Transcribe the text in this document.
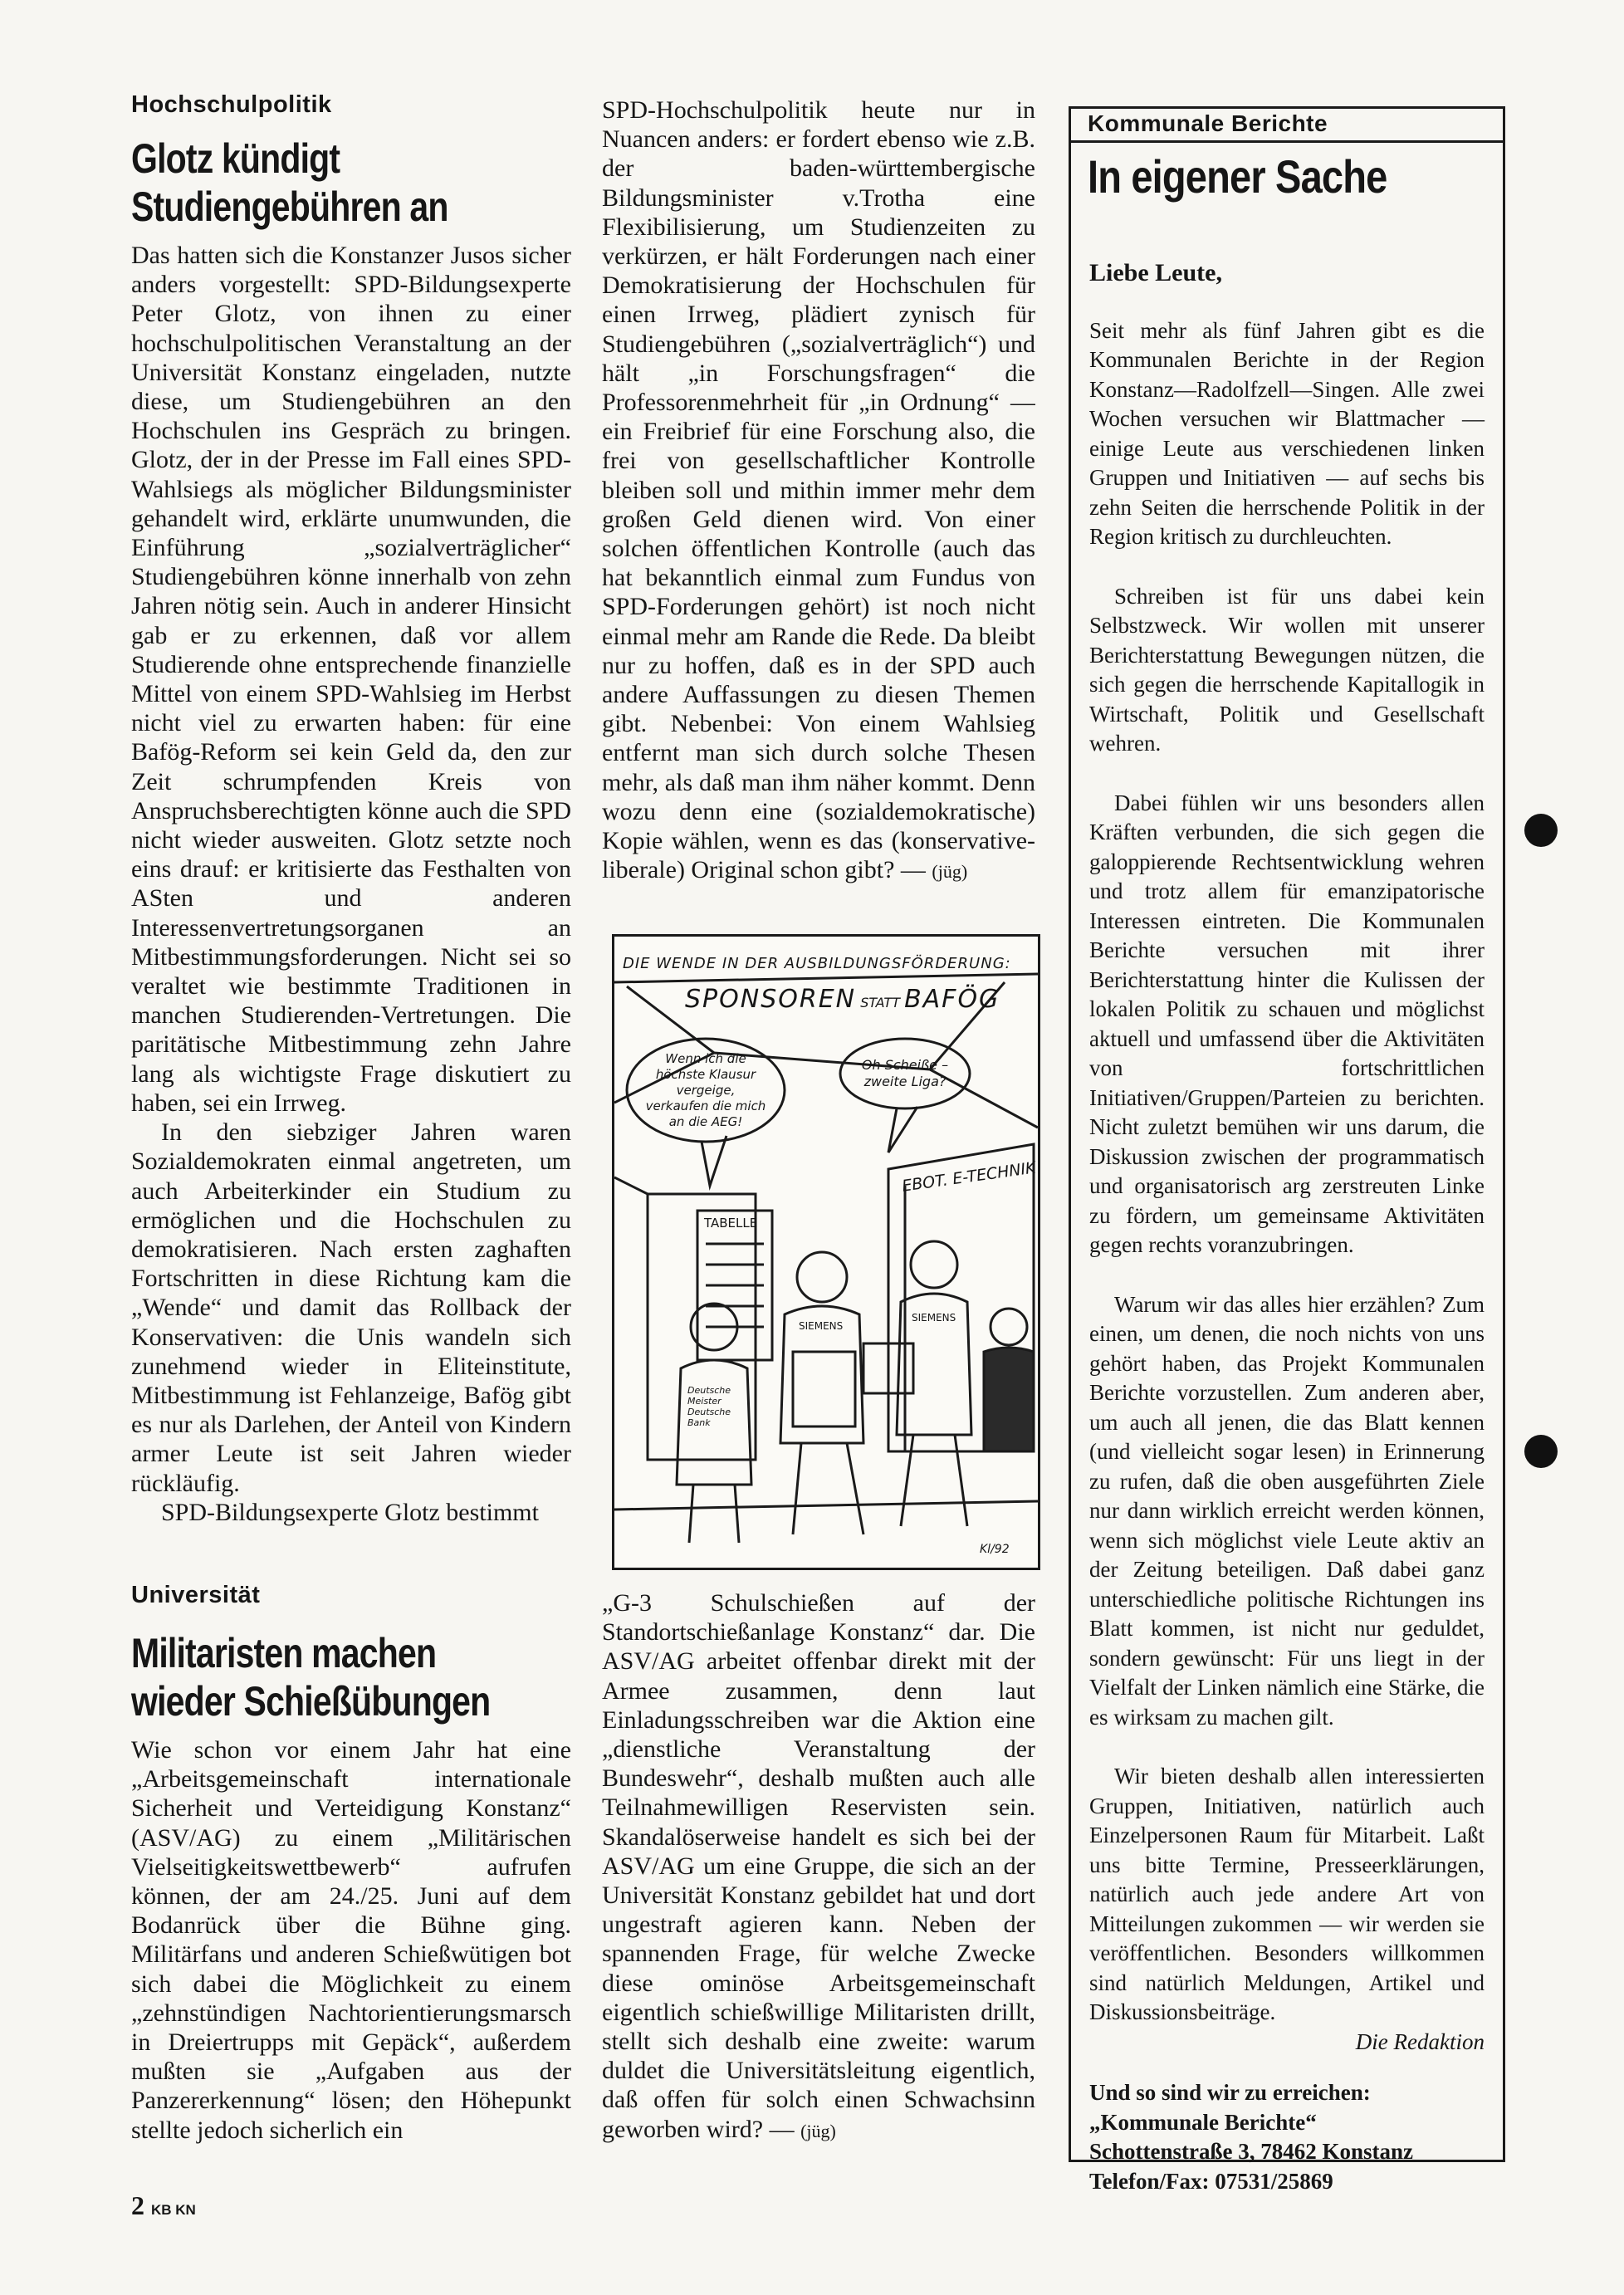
Hochschulpolitik
Glotz kündigt
Studiengebühren an

Das hatten sich die Konstanzer Jusos sicher anders vorgestellt: SPD-Bildungsexperte Peter Glotz, von ihnen zu einer hochschulpolitischen Veranstaltung an der Universität Konstanz eingeladen, nutzte diese, um Studiengebühren an den Hochschulen ins Gespräch zu bringen. Glotz, der in der Presse im Fall eines SPD-Wahlsiegs als möglicher Bildungsminister gehandelt wird, erklärte unumwunden, die Einführung „sozialverträglicher“ Studiengebühren könne innerhalb von zehn Jahren nötig sein. Auch in anderer Hinsicht gab er zu erkennen, daß vor allem Studierende ohne entsprechende finanzielle Mittel von einem SPD-Wahlsieg im Herbst nicht viel zu erwarten haben: für eine Bafög-Reform sei kein Geld da, den zur Zeit schrumpfenden Kreis von Anspruchsberechtigten könne auch die SPD nicht wieder ausweiten. Glotz setzte noch eins drauf: er kritisierte das Festhalten von ASten und anderen Interessenvertretungsorganen an Mitbestimmungsforderungen. Nicht sei so veraltet wie bestimmte Traditionen in manchen Studierenden-Vertretungen. Die paritätische Mitbestimmung zehn Jahre lang als wichtigste Frage diskutiert zu haben, sei ein Irrweg.

In den siebziger Jahren waren Sozialdemokraten einmal angetreten, um auch Arbeiterkinder ein Studium zu ermöglichen und die Hochschulen zu demokratisieren. Nach ersten zaghaften Fortschritten in diese Richtung kam die „Wende“ und damit das Rollback der Konservativen: die Unis wandeln sich zunehmend wieder in Eliteinstitute, Mitbestimmung ist Fehlanzeige, Bafög gibt es nur als Darlehen, der Anteil von Kindern armer Leute ist seit Jahren wieder rückläufig.

SPD-Bildungsexperte Glotz bestimmt

SPD-Hochschulpolitik heute nur in Nuancen anders: er fordert ebenso wie z.B. der baden-württembergische Bildungsminister v.Trotha eine Flexibilisierung, um Studienzeiten zu verkürzen, er hält Forderungen nach einer Demokratisierung der Hochschulen für einen Irrweg, plädiert zynisch für Studiengebühren („sozialverträglich“) und hält „in Forschungsfragen“ die Professorenmehrheit für „in Ordnung“ — ein Freibrief für eine Forschung also, die frei von gesellschaftlicher Kontrolle bleiben soll und mithin immer mehr dem großen Geld dienen wird. Von einer solchen öffentlichen Kontrolle (auch das hat bekanntlich einmal zum Fundus von SPD-Forderungen gehört) ist noch nicht einmal mehr am Rande die Rede. Da bleibt nur zu hoffen, daß es in der SPD auch andere Auffassungen zu diesen Themen gibt. Nebenbei: Von einem Wahlsieg entfernt man sich durch solche Thesen mehr, als daß man ihm näher kommt. Denn wozu denn eine (sozialdemokratische) Kopie wählen, wenn es das (konservative-liberale) Original schon gibt? — (jüg)

DIE WENDE IN DER AUSBILDUNGSFÖRDERUNG:
SPONSOREN STATT BAFÖG
Wenn ich die höchste Klausur vergeige, verkaufen die mich an die AEG!
Oh Scheiße – zweite Liga?
EBOT. E-TECHNIK
TABELLE
Deutsche Meister Deutsche Bank
SIEMENS
SIEMENS
Kl/92
Universität
Militaristen machen
wieder Schießübungen

Wie schon vor einem Jahr hat eine „Arbeitsgemeinschaft internationale Sicherheit und Verteidigung Konstanz“ (ASV/AG) zu einem „Militärischen Vielseitigkeitswettbewerb“ aufrufen können, der am 24./25. Juni auf dem Bodanrück über die Bühne ging. Militärfans und anderen Schießwütigen bot sich dabei die Möglichkeit zu einem „zehnstündigen Nachtorientierungsmarsch in Dreiertrupps mit Gepäck“, außerdem mußten sie „Aufgaben aus der Panzererkennung“ lösen; den Höhepunkt stellte jedoch sicherlich ein

„G-3 Schulschießen auf der Standortschießanlage Konstanz“ dar. Die ASV/AG arbeitet offenbar direkt mit der Armee zusammen, denn laut Einladungsschreiben war die Aktion eine „dienstliche Veranstaltung der Bundeswehr“, deshalb mußten auch alle Teilnahmewilligen Reservisten sein. Skandalöserweise handelt es sich bei der ASV/AG um eine Gruppe, die sich an der Universität Konstanz gebildet hat und dort ungestraft agieren kann. Neben der spannenden Frage, für welche Zwecke diese ominöse Arbeitsgemeinschaft eigentlich schießwillige Militaristen drillt, stellt sich deshalb eine zweite: warum duldet die Universitätsleitung eigentlich, daß offen für solch einen Schwachsinn geworben wird? — (jüg)

Kommunale Berichte
In eigener Sache

Liebe Leute,

Seit mehr als fünf Jahren gibt es die Kommunalen Berichte in der Region Konstanz—Radolfzell—Singen. Alle zwei Wochen versuchen wir Blattmacher — einige Leute aus verschiedenen linken Gruppen und Initiativen — auf sechs bis zehn Seiten die herrschende Politik in der Region kritisch zu durchleuchten.

Schreiben ist für uns dabei kein Selbstzweck. Wir wollen mit unserer Berichterstattung Bewegungen nützen, die sich gegen die herrschende Kapitallogik in Wirtschaft, Politik und Gesellschaft wehren.

Dabei fühlen wir uns besonders allen Kräften verbunden, die sich gegen die galoppierende Rechtsentwicklung wehren und trotz allem für emanzipatorische Interessen eintreten. Die Kommunalen Berichte versuchen mit ihrer Berichterstattung hinter die Kulissen der lokalen Politik zu schauen und möglichst aktuell und umfassend über die Aktivitäten von fortschrittlichen Initiativen/Gruppen/Parteien zu berichten. Nicht zuletzt bemühen wir uns darum, die Diskussion zwischen der programmatisch und organisatorisch arg zerstreuten Linke zu fördern, um gemeinsame Aktivitäten gegen rechts voranzubringen.

Warum wir das alles hier erzählen? Zum einen, um denen, die noch nichts von uns gehört haben, das Projekt Kommunalen Berichte vorzustellen. Zum anderen aber, um auch all jenen, die das Blatt kennen (und vielleicht sogar lesen) in Erinnerung zu rufen, daß die oben ausgeführten Ziele nur dann wirklich erreicht werden können, wenn sich möglichst viele Leute aktiv an der Zeitung beteiligen. Daß dabei ganz unterschiedliche politische Richtungen ins Blatt kommen, ist nicht nur geduldet, sondern gewünscht: Für uns liegt in der Vielfalt der Linken nämlich eine Stärke, die es wirksam zu machen gilt.

Wir bieten deshalb allen interessierten Gruppen, Initiativen, natürlich auch Einzelpersonen Raum für Mitarbeit. Laßt uns bitte Termine, Presseerklärungen, natürlich auch jede andere Art von Mitteilungen zukommen — wir werden sie veröffentlichen. Besonders willkommen sind natürlich Meldungen, Artikel und Diskussionsbeiträge.

Die Redaktion

Und so sind wir zu erreichen:

„Kommunale Berichte“

Schottenstraße 3, 78462 Konstanz

Telefon/Fax: 07531/25869

2 KB KN
